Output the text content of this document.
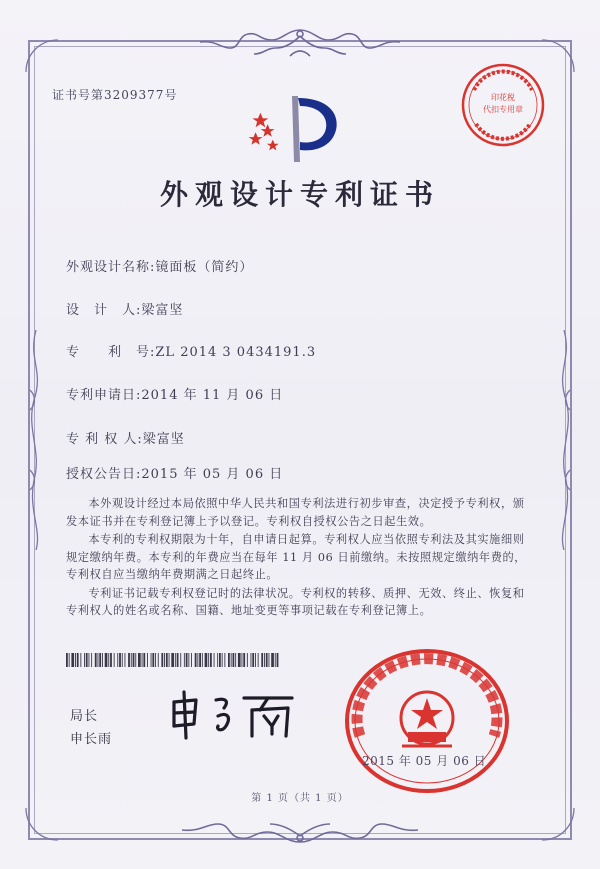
证书号第3209377号	印花税
代扣专用章
外观设计专利证书
外观设计名称:镜面板（简约）
设　计　人:梁富坚
专　　利　号:ZL 2014 3 0434191.3
专利申请日:2014 年 11 月 06 日
专 利 权 人:梁富坚
授权公告日:2015 年 05 月 06 日

本外观设计经过本局依照中华人民共和国专利法进行初步审查，决定授予专利权，颁发本证书并在专利登记簿上予以登记。专利权自授权公告之日起生效。

本专利的专利权期限为十年，自申请日起算。专利权人应当依照专利法及其实施细则规定缴纳年费。本专利的年费应当在每年 11 月 06 日前缴纳。未按照规定缴纳年费的，专利权自应当缴纳年费期满之日起终止。

专利证书记载专利权登记时的法律状况。专利权的转移、质押、无效、终止、恢复和专利权人的姓名或名称、国籍、地址变更等事项记载在专利登记簿上。

局长
申长雨
2015 年 05 月 06 日
第 1 页（共 1 页）
